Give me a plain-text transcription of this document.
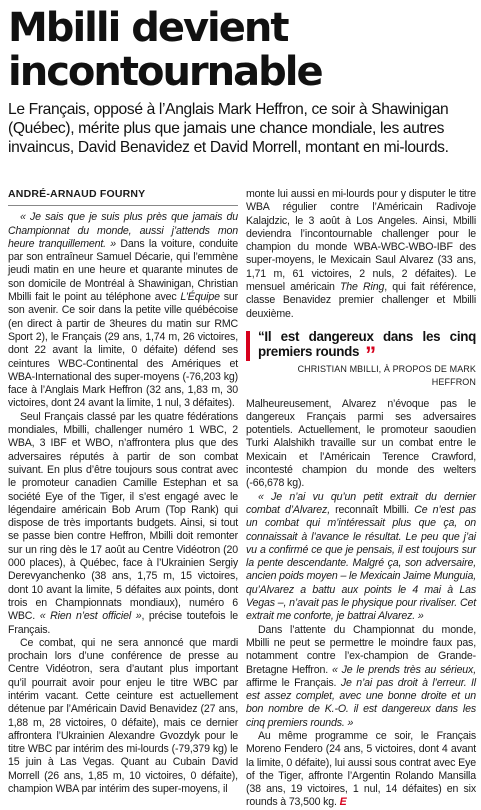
Mbilli devient
incontournable
Le Français, opposé à l’Anglais Mark Heffron, ce soir à Shawinigan (Québec), mérite plus que jamais une chance mondiale, les autres invaincus, David Benavidez et David Morrell, montant en mi-lourds.
ANDRÉ-ARNAUD FOURNY

« Je sais que je suis plus près que jamais du Championnat du monde, aussi j’attends mon heure tranquillement. » Dans la voiture, conduite par son entraîneur Samuel Décarie, qui l’emmène jeudi matin en une heure et quarante minutes de son domicile de Montréal à Shawinigan, Christian Mbilli fait le point au téléphone avec L’Équipe sur son avenir. Ce soir dans la petite ville québécoise (en direct à partir de 3heures du matin sur RMC Sport 2), le Français (29 ans, 1,74 m, 26 victoires, dont 22 avant la limite, 0 défaite) défend ses ceintures WBC-Continental des Amériques et WBA-International des super-moyens (-76,203 kg) face à l’Anglais Mark Heffron (32 ans, 1,83 m, 30 victoires, dont 24 avant la limite, 1 nul, 3 défaites).

Seul Français classé par les quatre fédérations mondiales, Mbilli, challenger numéro 1 WBC, 2 WBA, 3 IBF et WBO, n’affrontera plus que des adversaires réputés à partir de son combat suivant. En plus d’être toujours sous contrat avec le promoteur canadien Camille Estephan et sa société Eye of the Tiger, il s’est engagé avec le légendaire américain Bob Arum (Top Rank) qui dispose de très importants budgets. Ainsi, si tout se passe bien contre Heffron, Mbilli doit remonter sur un ring dès le 17 août au Centre Vidéotron (20 000 places), à Québec, face à l’Ukrainien Sergiy Derevyanchenko (38 ans, 1,75 m, 15 victoires, dont 10 avant la limite, 5 défaites aux points, dont trois en Championnats mondiaux), numéro 6 WBC. « Rien n’est officiel », précise toutefois le Français.

Ce combat, qui ne sera annoncé que mardi prochain lors d’une conférence de presse au Centre Vidéotron, sera d’autant plus important qu’il pourrait avoir pour enjeu le titre WBC par intérim vacant. Cette ceinture est actuellement détenue par l’Américain David Benavidez (27 ans, 1,88 m, 28 victoires, 0 défaite), mais ce dernier affrontera l’Ukrainien Alexandre Gvozdyk pour le titre WBC par intérim des mi-lourds (-79,379 kg) le 15 juin à Las Vegas. Quant au Cubain David Morrell (26 ans, 1,85 m, 10 victoires, 0 défaite), champion WBA par intérim des super-moyens, il

monte lui aussi en mi-lourds pour y disputer le titre WBA régulier contre l’Américain Radivoje Kalajdzic, le 3 août à Los Angeles. Ainsi, Mbilli deviendra l’incontournable challenger pour le champion du monde WBA-WBC-WBO-IBF des super-moyens, le Mexicain Saul Alvarez (33 ans, 1,71 m, 61 victoires, 2 nuls, 2 défaites). Le mensuel américain The Ring, qui fait référence, classe Benavidez premier challenger et Mbilli deuxième.

“Il est dangereux dans les cinq premiers rounds ”
CHRISTIAN MBILLI, À PROPOS DE MARK HEFFRON

Malheureusement, Alvarez n’évoque pas le dangereux Français parmi ses adversaires potentiels. Actuellement, le promoteur saoudien Turki Alalshikh travaille sur un combat entre le Mexicain et l’Américain Terence Crawford, incontesté champion du monde des welters (-66,678 kg).

« Je n’ai vu qu’un petit extrait du dernier combat d’Alvarez, reconnaît Mbilli. Ce n’est pas un combat qui m’intéressait plus que ça, on connaissait à l’avance le résultat. Le peu que j’ai vu a confirmé ce que je pensais, il est toujours sur la pente descendante. Malgré ça, son adversaire, ancien poids moyen – le Mexicain Jaime Munguia, qu’Alvarez a battu aux points le 4 mai à Las Vegas –, n’avait pas le physique pour rivaliser. Cet extrait me conforte, je battrai Alvarez. »

Dans l’attente du Championnat du monde, Mbilli ne peut se permettre le moindre faux pas, notamment contre l’ex-champion de Grande-Bretagne Heffron. « Je le prends très au sérieux, affirme le Français. Je n’ai pas droit à l’erreur. Il est assez complet, avec une bonne droite et un bon nombre de K.-O. il est dangereux dans les cinq premiers rounds. »

Au même programme ce soir, le Français Moreno Fendero (24 ans, 5 victoires, dont 4 avant la limite, 0 défaite), lui aussi sous contrat avec Eye of the Tiger, affronte l’Argentin Rolando Mansilla (38 ans, 19 victoires, 1 nul, 14 défaites) en six rounds à 73,500 kg. E
